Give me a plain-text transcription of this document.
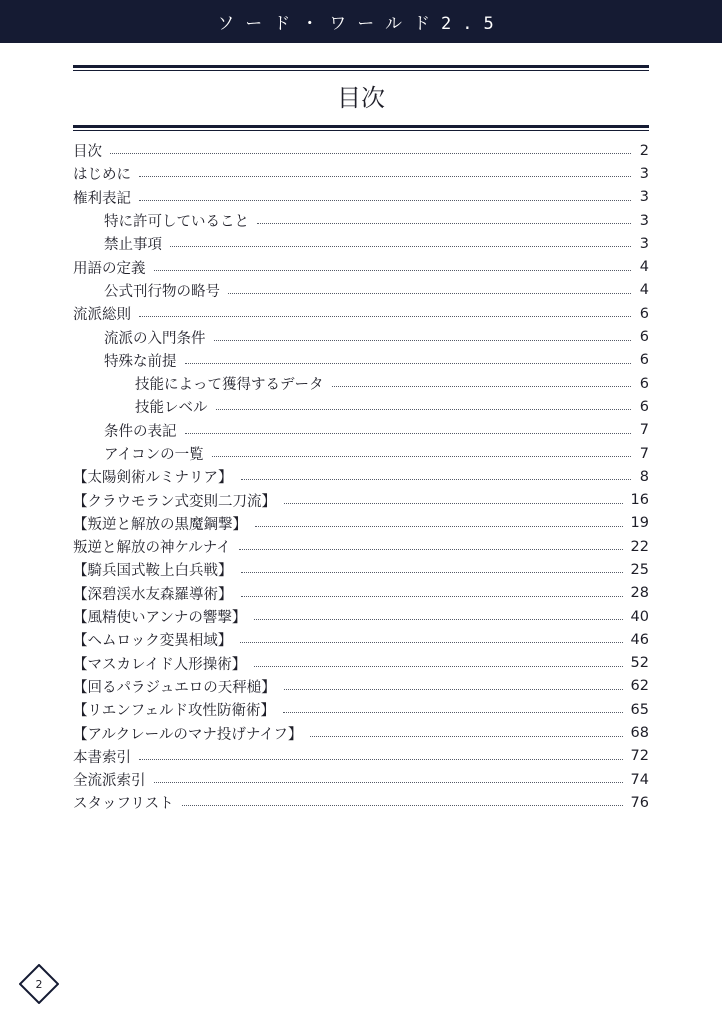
ソード・ワールド2.5
目次
目次	2
はじめに	3
権利表記	3
特に許可していること	3
禁止事項	3
用語の定義	4
公式刊行物の略号	4
流派総則	6
流派の入門条件	6
特殊な前提	6
技能によって獲得するデータ	6
技能レベル	6
条件の表記	7
アイコンの一覧	7
【太陽剣術ルミナリア】	8
【クラウモラン式変則二刀流】	16
【叛逆と解放の黒魔鋼撃】	19
叛逆と解放の神ケルナイ	22
【騎兵国式鞍上白兵戦】	25
【深碧渓水友森羅導術】	28
【風精使いアンナの響撃】	40
【ヘムロック変異相域】	46
【マスカレイド人形操術】	52
【回るパラジュエロの天秤槌】	62
【リエンフェルド攻性防衛術】	65
【アルクレールのマナ投げナイフ】	68
本書索引	72
全流派索引	74
スタッフリスト	76
2
